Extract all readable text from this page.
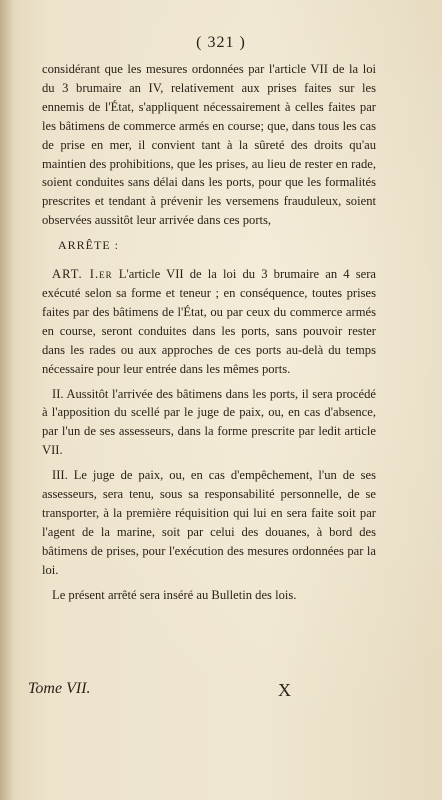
( 321 )

considérant que les mesures ordonnées par l'article VII de la loi du 3 brumaire an IV, relativement aux prises faites sur les ennemis de l'État, s'appliquent nécessairement à celles faites par les bâtimens de commerce armés en course; que, dans tous les cas de prise en mer, il convient tant à la sûreté des droits qu'au maintien des prohibitions, que les prises, au lieu de rester en rade, soient conduites sans délai dans les ports, pour que les formalités prescrites et tendant à prévenir les versemens frauduleux, soient observées aussitôt leur arrivée dans ces ports,

ARRÊTE :

ART. I.er L'article VII de la loi du 3 brumaire an 4 sera exécuté selon sa forme et teneur ; en conséquence, toutes prises faites par des bâtimens de l'État, ou par ceux du commerce armés en course, seront conduites dans les ports, sans pouvoir rester dans les rades ou aux approches de ces ports au-delà du temps nécessaire pour leur entrée dans les mêmes ports.

II. Aussitôt l'arrivée des bâtimens dans les ports, il sera procédé à l'apposition du scellé par le juge de paix, ou, en cas d'absence, par l'un de ses assesseurs, dans la forme prescrite par ledit article VII.

III. Le juge de paix, ou, en cas d'empêchement, l'un de ses assesseurs, sera tenu, sous sa responsabilité personnelle, de se transporter, à la première réquisition qui lui en sera faite soit par l'agent de la marine, soit par celui des douanes, à bord des bâtimens de prises, pour l'exécution des mesures ordonnées par la loi.

Le présent arrêté sera inséré au Bulletin des lois.

Tome VII.	X
